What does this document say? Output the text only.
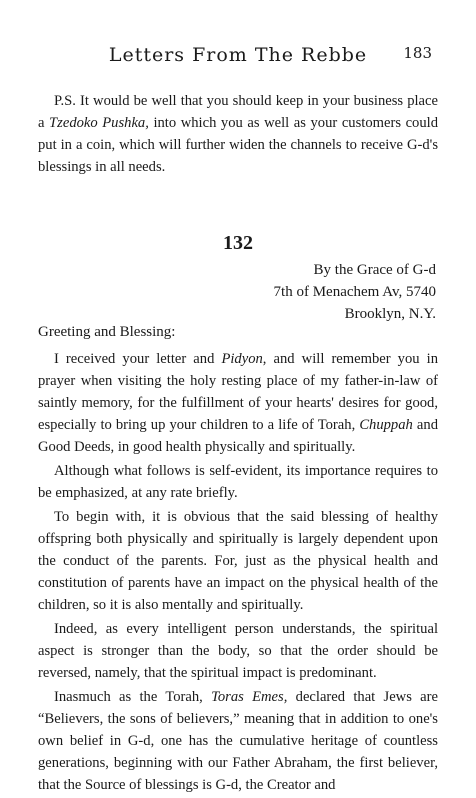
Letters From The Rebbe	183

P.S. It would be well that you should keep in your business place a Tzedoko Pushka, into which you as well as your customers could put in a coin, which will further widen the channels to receive G-d's blessings in all needs.

132
By the Grace of G-d
7th of Menachem Av, 5740
Brooklyn, N.Y.
Greeting and Blessing:

I received your letter and Pidyon, and will remember you in prayer when visiting the holy resting place of my father-in-law of saintly memory, for the fulfillment of your hearts' desires for good, especially to bring up your children to a life of Torah, Chuppah and Good Deeds, in good health physically and spiritually.

Although what follows is self-evident, its importance requires to be emphasized, at any rate briefly.

To begin with, it is obvious that the said blessing of healthy offspring both physically and spiritually is largely dependent upon the conduct of the parents. For, just as the physical health and constitution of parents have an impact on the physical health of the children, so it is also mentally and spiritually.

Indeed, as every intelligent person understands, the spiritual aspect is stronger than the body, so that the order should be reversed, namely, that the spiritual impact is predominant.

Inasmuch as the Torah, Toras Emes, declared that Jews are “Believers, the sons of believers,” meaning that in addition to one's own belief in G-d, one has the cumulative heritage of countless generations, beginning with our Father Abraham, the first believer, that the Source of blessings is G-d, the Creator and
